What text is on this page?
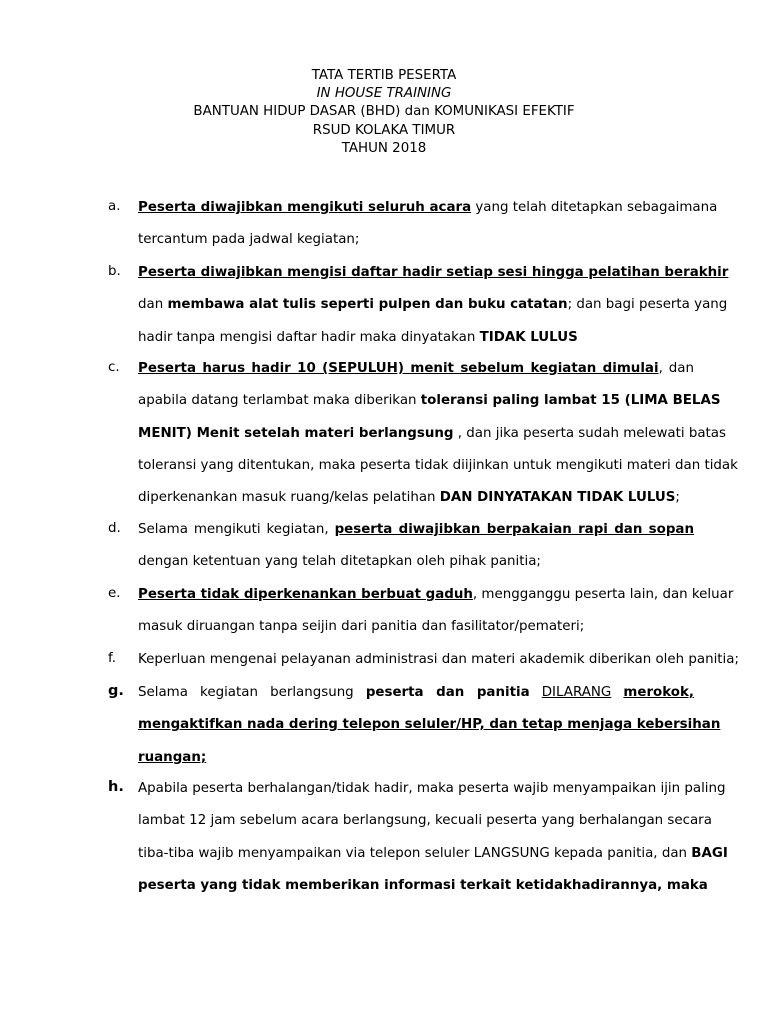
TATA TERTIB PESERTA
IN HOUSE TRAINING
BANTUAN HIDUP DASAR (BHD) dan KOMUNIKASI EFEKTIF
RSUD KOLAKA TIMUR
TAHUN 2018
a. Peserta diwajibkan mengikuti seluruh acara yang telah ditetapkan sebagaimana
tercantum pada jadwal kegiatan;
b. Peserta diwajibkan mengisi daftar hadir setiap sesi hingga pelatihan berakhir
dan membawa alat tulis seperti pulpen dan buku catatan; dan bagi peserta yang
hadir tanpa mengisi daftar hadir maka dinyatakan TIDAK LULUS
c. Peserta harus hadir 10 (SEPULUH) menit sebelum kegiatan dimulai, dan
apabila datang terlambat maka diberikan toleransi paling lambat 15 (LIMA BELAS
MENIT) Menit setelah materi berlangsung , dan jika peserta sudah melewati batas
toleransi yang ditentukan, maka peserta tidak diijinkan untuk mengikuti materi dan tidak
diperkenankan masuk ruang/kelas pelatihan DAN DINYATAKAN TIDAK LULUS;
d. Selama mengikuti kegiatan, peserta diwajibkan berpakaian rapi dan sopan
dengan ketentuan yang telah ditetapkan oleh pihak panitia;
e. Peserta tidak diperkenankan berbuat gaduh, mengganggu peserta lain, dan keluar
masuk diruangan tanpa seijin dari panitia dan fasilitator/pemateri;
f. Keperluan mengenai pelayanan administrasi dan materi akademik diberikan oleh panitia;
g. Selama kegiatan berlangsung peserta dan panitia DILARANG merokok,
mengaktifkan nada dering telepon seluler/HP, dan tetap menjaga kebersihan
ruangan;
h. Apabila peserta berhalangan/tidak hadir, maka peserta wajib menyampaikan ijin paling
lambat 12 jam sebelum acara berlangsung, kecuali peserta yang berhalangan secara
tiba-tiba wajib menyampaikan via telepon seluler LANGSUNG kepada panitia, dan BAGI
peserta yang tidak memberikan informasi terkait ketidakhadirannya, maka
